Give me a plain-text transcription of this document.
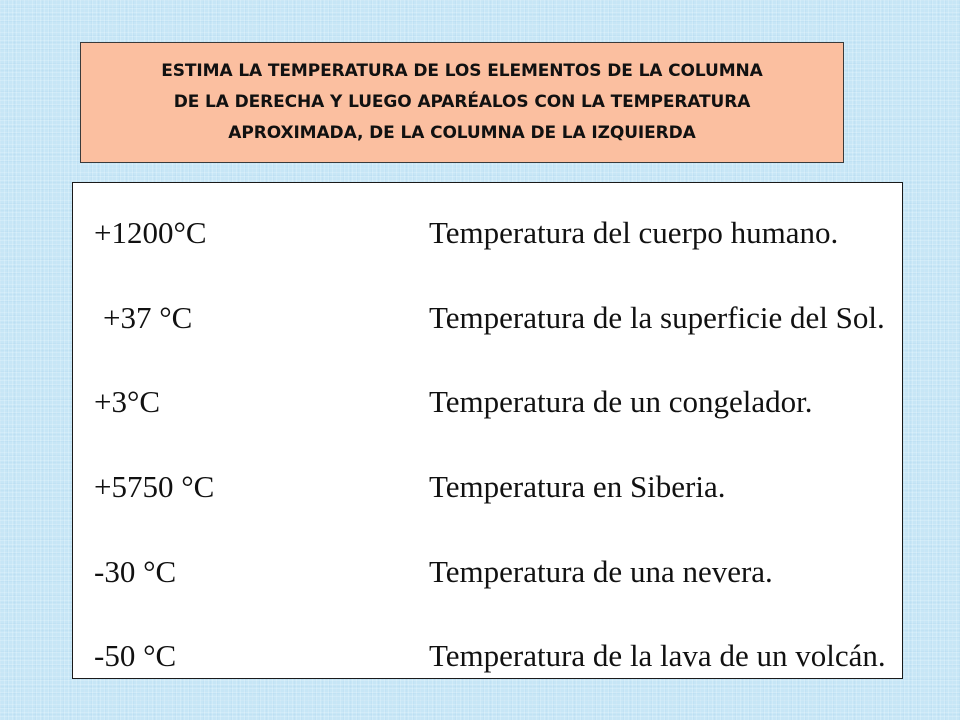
ESTIMA LA TEMPERATURA DE LOS ELEMENTOS DE LA COLUMNA
DE LA DERECHA Y LUEGO APARÉALOS CON LA TEMPERATURA
APROXIMADA, DE LA COLUMNA DE LA IZQUIERDA
+1200°C	Temperatura del cuerpo humano.
+37 °C	Temperatura de la superficie del Sol.
+3°C	Temperatura de un congelador.
+5750 °C	Temperatura en Siberia.
-30 °C	Temperatura de una nevera.
-50 °C	Temperatura de la lava de un volcán.
